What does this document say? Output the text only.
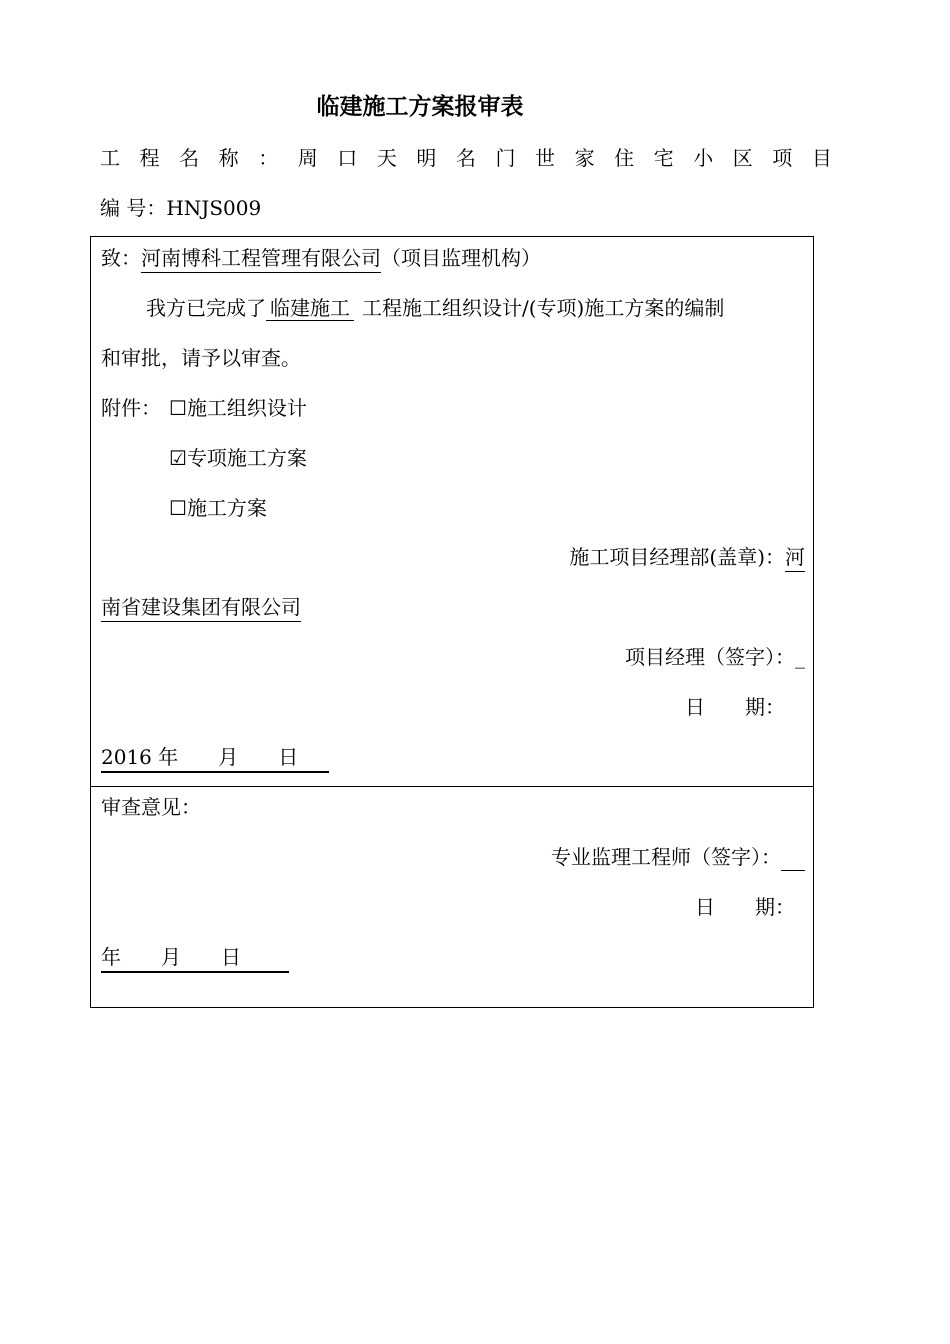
临建施工方案报审表
工 程 名 称 ： 周 口 天 明 名 门 世 家 住 宅 小 区 项 目
编 号：HNJS009
致：河南博科工程管理有限公司（项目监理机构）
我方已完成了 临建施工 工程施工组织设计/(专项)施工方案的编制
和审批，请予以审查。
附件： ☐施工组织设计
☑专项施工方案
☐施工方案
施工项目经理部(盖章)：河
南省建设集团有限公司
项目经理（签字）：_
日　　期：
2016 年　　月　　日
审查意见：
专业监理工程师（签字）：
日　　期：
年　　月　　日
